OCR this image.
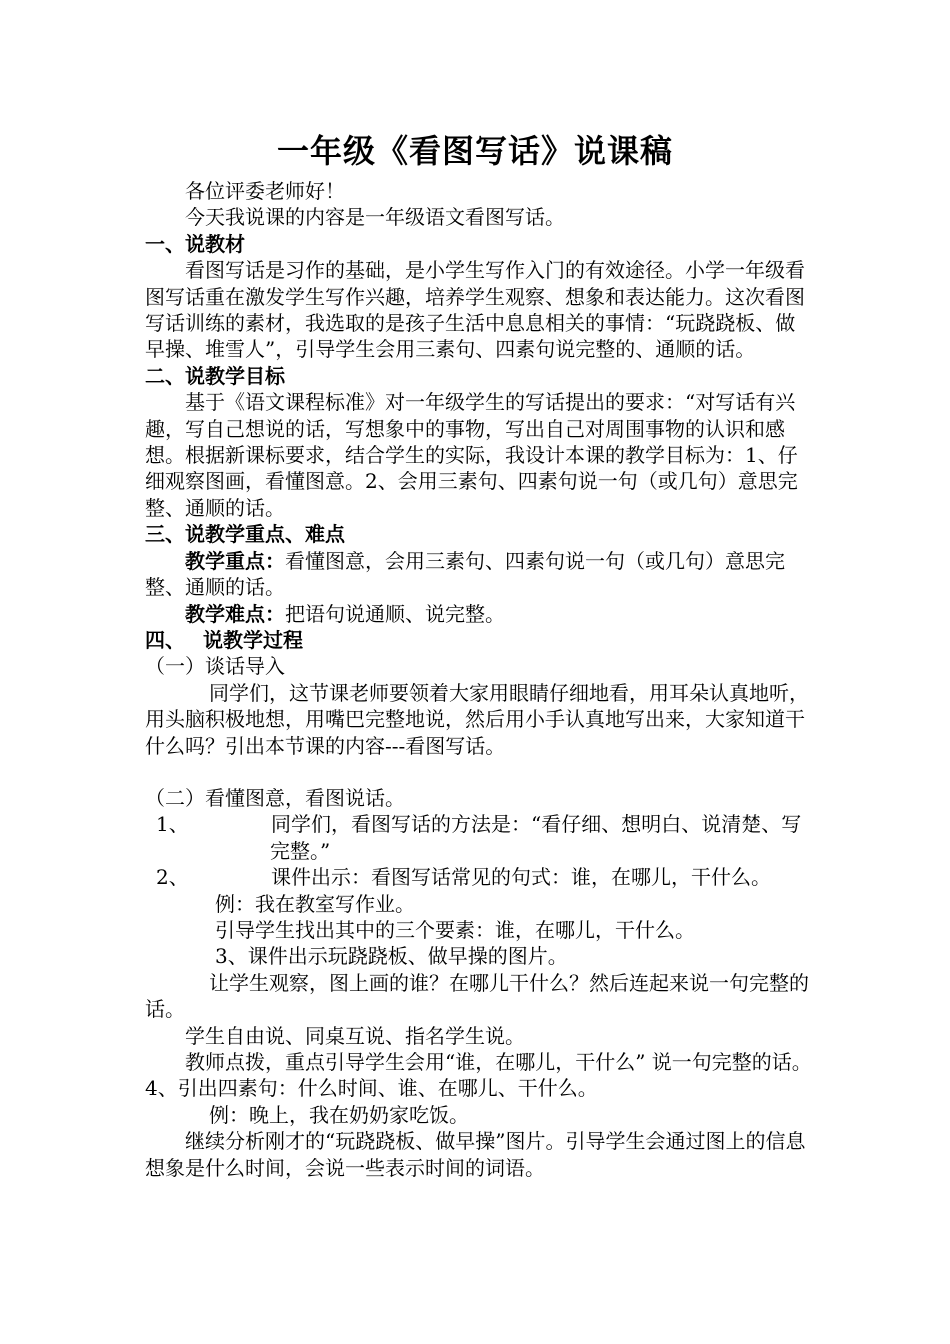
一年级《看图写话》说课稿

各位评委老师好！

今天我说课的内容是一年级语文看图写话。

一、说教材

看图写话是习作的基础，是小学生写作入门的有效途径。小学一年级看图写话重在激发学生写作兴趣，培养学生观察、想象和表达能力。这次看图写话训练的素材，我选取的是孩子生活中息息相关的事情：“玩跷跷板、做早操、堆雪人”，引导学生会用三素句、四素句说完整的、通顺的话。

二、说教学目标

基于《语文课程标准》对一年级学生的写话提出的要求：“对写话有兴趣，写自己想说的话，写想象中的事物，写出自己对周围事物的认识和感想。根据新课标要求，结合学生的实际，我设计本课的教学目标为：1、仔细观察图画，看懂图意。2、会用三素句、四素句说一句（或几句）意思完整、通顺的话。

三、说教学重点、难点

教学重点：看懂图意，会用三素句、四素句说一句（或几句）意思完整、通顺的话。

教学难点：把语句说通顺、说完整。

四、 说教学过程

（一）谈话导入

同学们，这节课老师要领着大家用眼睛仔细地看，用耳朵认真地听，用头脑积极地想，用嘴巴完整地说，然后用小手认真地写出来，大家知道干什么吗？引出本节课的内容---看图写话。

（二）看懂图意，看图说话。

1、	同学们，看图写话的方法是：“看仔细、想明白、说清楚、写完整。”

2、	课件出示：看图写话常见的句式：谁，在哪儿，干什么。

例：我在教室写作业。

引导学生找出其中的三个要素：谁，在哪儿，干什么。

3、课件出示玩跷跷板、做早操的图片。

让学生观察，图上画的谁？在哪儿干什么？然后连起来说一句完整的话。

学生自由说、同桌互说、指名学生说。

教师点拨，重点引导学生会用“谁，在哪儿，干什么” 说一句完整的话。

4、引出四素句：什么时间、谁、在哪儿、干什么。

例：晚上，我在奶奶家吃饭。

继续分析刚才的“玩跷跷板、做早操”图片。引导学生会通过图上的信息想象是什么时间，会说一些表示时间的词语。
